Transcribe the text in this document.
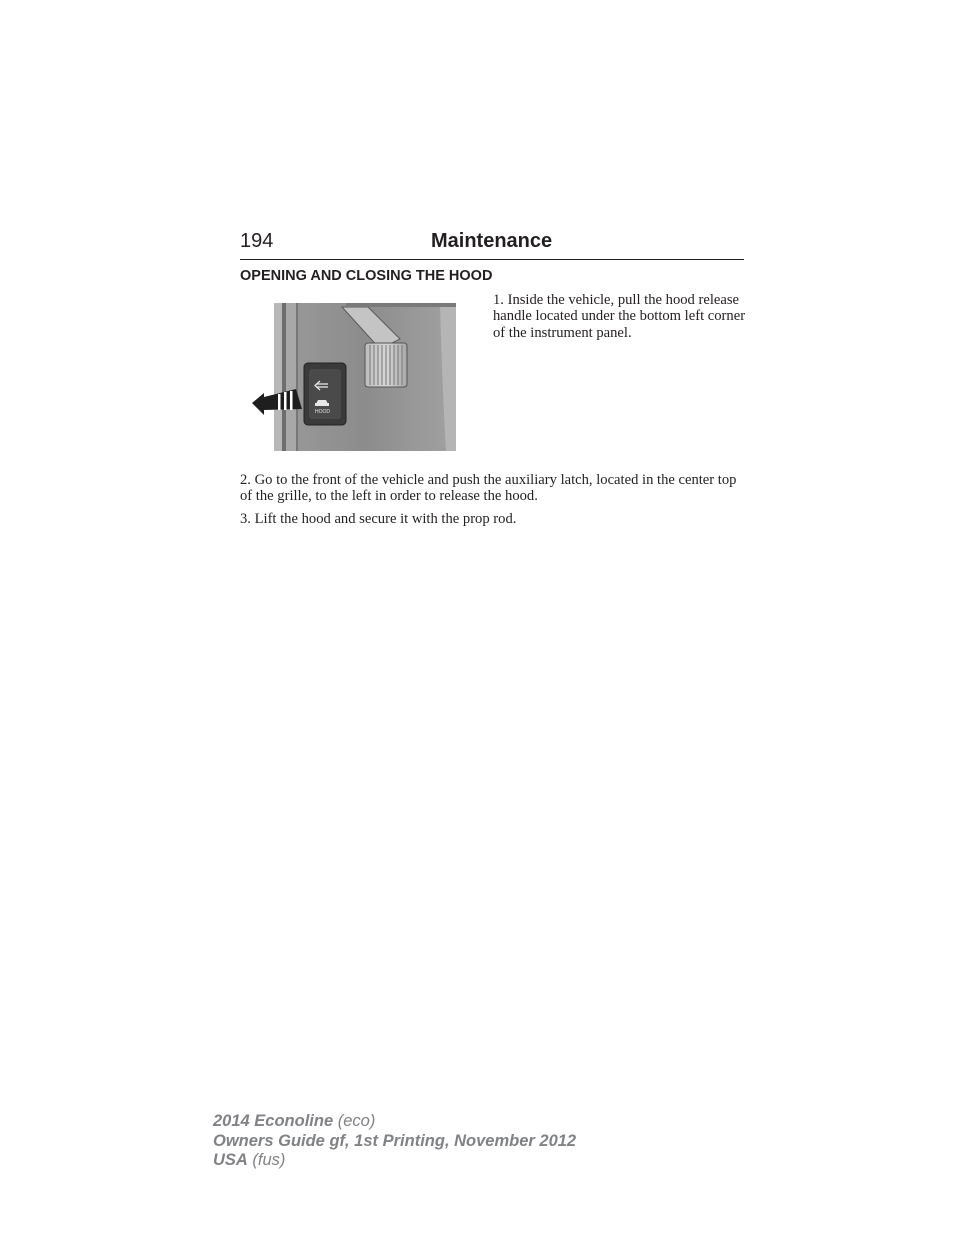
194	Maintenance
OPENING AND CLOSING THE HOOD
HOOD

1. Inside the vehicle, pull the hood release handle located under the bottom left corner of the instrument panel.

2. Go to the front of the vehicle and push the auxiliary latch, located in the center top of the grille, to the left in order to release the hood.

3. Lift the hood and secure it with the prop rod.

2014 Econoline (eco)
Owners Guide gf, 1st Printing, November 2012
USA (fus)
